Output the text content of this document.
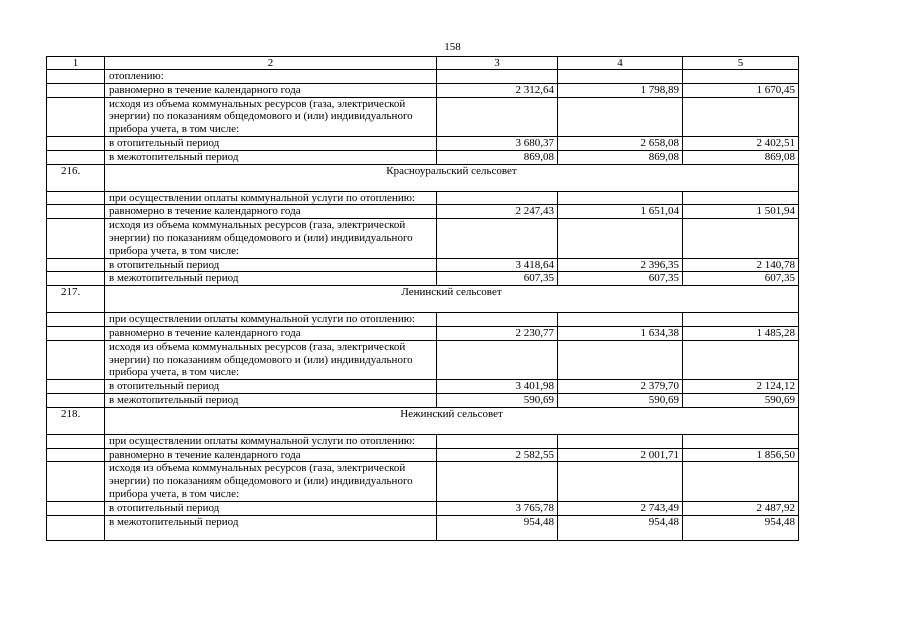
158
1	2	3	4	5
	отоплению:			
	равномерно в течение календарного года	2 312,64	1 798,89	1 670,45
	исходя из объема коммунальных ресурсов (газа, электрической энергии) по показаниям общедомового и (или) индивидуального прибора учета, в том числе:			
	в отопительный период	3 680,37	2 658,08	2 402,51
	в межотопительный период	869,08	869,08	869,08
216.	Красноуральский сельсовет			
	при осуществлении оплаты коммунальной услуги по отоплению:			
	равномерно в течение календарного года	2 247,43	1 651,04	1 501,94
	исходя из объема коммунальных ресурсов (газа, электрической энергии) по показаниям общедомового и (или) индивидуального прибора учета, в том числе:			
	в отопительный период	3 418,64	2 396,35	2 140,78
	в межотопительный период	607,35	607,35	607,35
217.	Ленинский сельсовет			
	при осуществлении оплаты коммунальной услуги по отоплению:			
	равномерно в течение календарного года	2 230,77	1 634,38	1 485,28
	исходя из объема коммунальных ресурсов (газа, электрической энергии) по показаниям общедомового и (или) индивидуального прибора учета, в том числе:			
	в отопительный период	3 401,98	2 379,70	2 124,12
	в межотопительный период	590,69	590,69	590,69
218.	Нежинский сельсовет			
	при осуществлении оплаты коммунальной услуги по отоплению:			
	равномерно в течение календарного года	2 582,55	2 001,71	1 856,50
	исходя из объема коммунальных ресурсов (газа, электрической энергии) по показаниям общедомового и (или) индивидуального прибора учета, в том числе:			
	в отопительный период	3 765,78	2 743,49	2 487,92
	в межотопительный период	954,48	954,48	954,48
